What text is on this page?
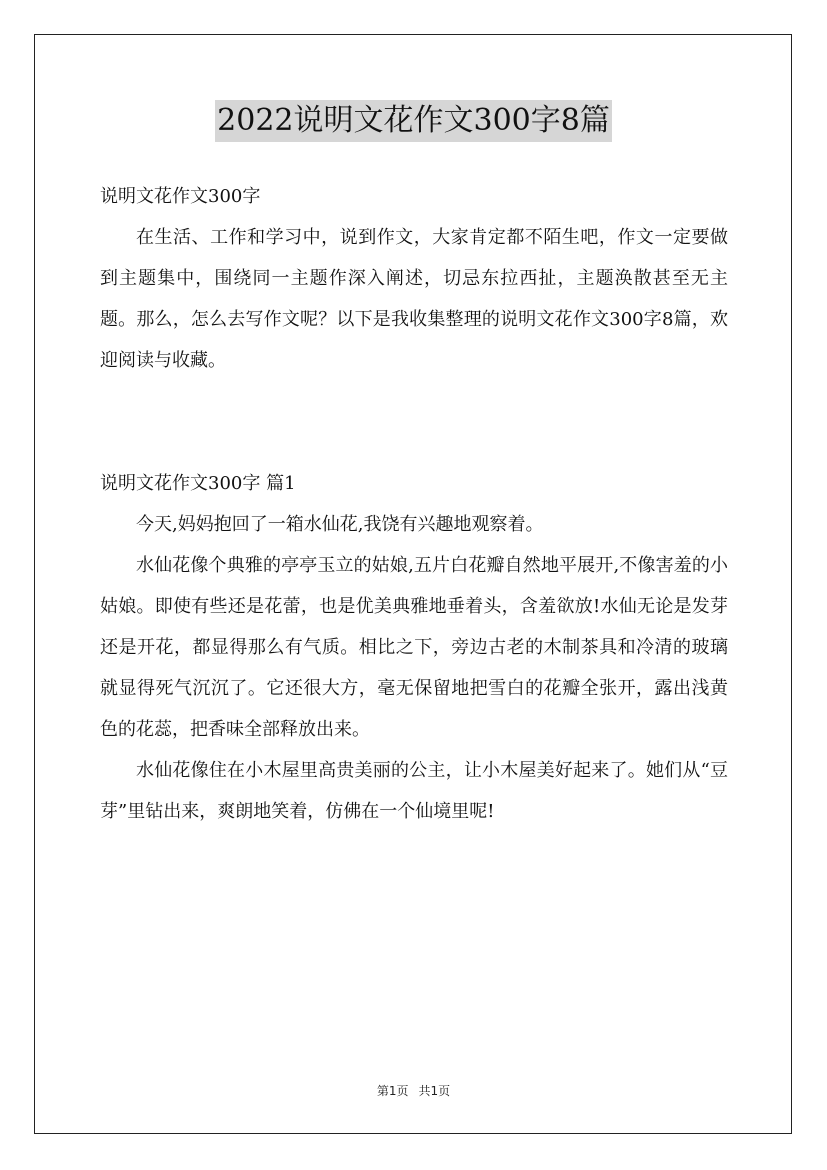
2022说明文花作文300字8篇

说明文花作文300字

在生活、工作和学习中，说到作文，大家肯定都不陌生吧，作文一定要做到主题集中，围绕同一主题作深入阐述，切忌东拉西扯，主题涣散甚至无主题。那么，怎么去写作文呢？以下是我收集整理的说明文花作文300字8篇，欢迎阅读与收藏。

说明文花作文300字 篇1

今天,妈妈抱回了一箱水仙花,我饶有兴趣地观察着。

水仙花像个典雅的亭亭玉立的姑娘,五片白花瓣自然地平展开,不像害羞的小姑娘。即使有些还是花蕾，也是优美典雅地垂着头，含羞欲放!水仙无论是发芽还是开花，都显得那么有气质。相比之下，旁边古老的木制茶具和冷清的玻璃就显得死气沉沉了。它还很大方，毫无保留地把雪白的花瓣全张开，露出浅黄色的花蕊，把香味全部释放出来。

水仙花像住在小木屋里高贵美丽的公主，让小木屋美好起来了。她们从“豆芽”里钻出来，爽朗地笑着，仿佛在一个仙境里呢!

第1页 共1页
